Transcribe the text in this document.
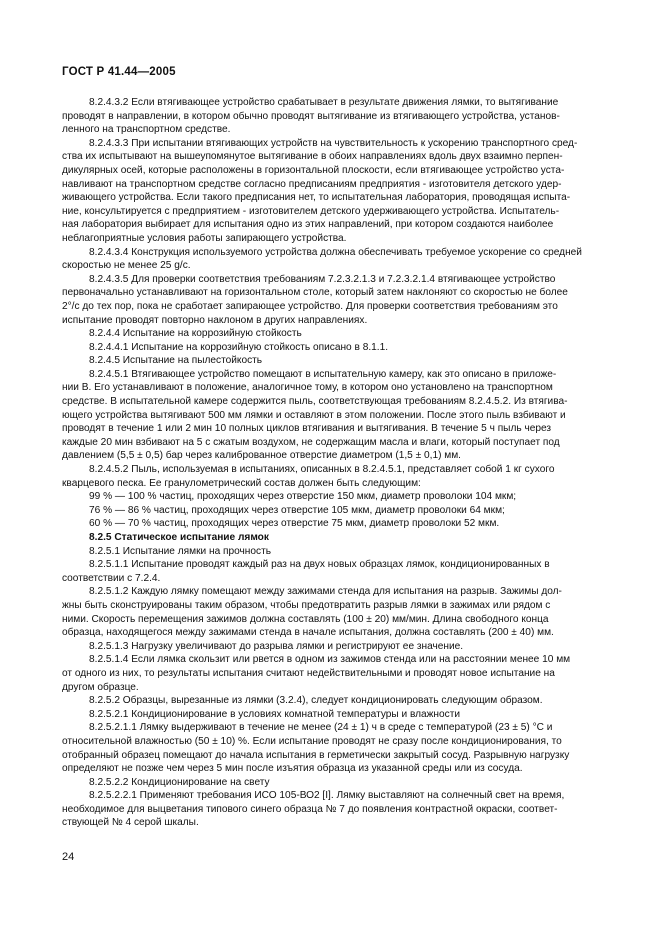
ГОСТ Р 41.44—2005

8.2.4.3.2 Если втягивающее устройство срабатывает в результате движения лямки, то вытягивание

проводят в направлении, в котором обычно проводят вытягивание из втягивающего устройства, установ-

ленного на транспортном средстве.

8.2.4.3.3 При испытании втягивающих устройств на чувствительность к ускорению транспортного сред-

ства их испытывают на вышеупомянутое вытягивание в обоих направлениях вдоль двух взаимно перпен-

дикулярных осей, которые расположены в горизонтальной плоскости, если втягивающее устройство уста-

навливают на транспортном средстве согласно предписаниям предприятия - изготовителя детского удер-

живающего устройства. Если такого предписания нет, то испытательная лаборатория, проводящая испыта-

ние, консультируется с предприятием - изготовителем детского удерживающего устройства. Испытатель-

ная лаборатория выбирает для испытания одно из этих направлений, при котором создаются наиболее

неблагоприятные условия работы запирающего устройства.

8.2.4.3.4 Конструкция используемого устройства должна обеспечивать требуемое ускорение со средней

скоростью не менее 25 g/с.

8.2.4.3.5 Для проверки соответствия требованиям 7.2.3.2.1.3 и 7.2.3.2.1.4 втягивающее устройство

первоначально устанавливают на горизонтальном столе, который затем наклоняют со скоростью не более

2°/с до тех пор, пока не сработает запирающее устройство. Для проверки соответствия требованиям это

испытание проводят повторно наклоном в других направлениях.

8.2.4.4 Испытание на коррозийную стойкость

8.2.4.4.1 Испытание на коррозийную стойкость описано в 8.1.1.

8.2.4.5 Испытание на пылестойкость

8.2.4.5.1 Втягивающее устройство помещают в испытательную камеру, как это описано в приложе-

нии В. Его устанавливают в положение, аналогичное тому, в котором оно установлено на транспортном

средстве. В испытательной камере содержится пыль, соответствующая требованиям 8.2.4.5.2. Из втягива-

ющего устройства вытягивают 500 мм лямки и оставляют в этом положении. После этого пыль взбивают и

проводят в течение 1 или 2 мин 10 полных циклов втягивания и вытягивания. В течение 5 ч пыль через

каждые 20 мин взбивают на 5 с сжатым воздухом, не содержащим масла и влаги, который поступает под

давлением (5,5 ± 0,5) бар через калиброванное отверстие диаметром (1,5 ± 0,1) мм.

8.2.4.5.2 Пыль, используемая в испытаниях, описанных в 8.2.4.5.1, представляет собой 1 кг сухого

кварцевого песка. Ее гранулометрический состав должен быть следующим:

99 % — 100 % частиц, проходящих через отверстие 150 мкм, диаметр проволоки 104 мкм;

76 % — 86 % частиц, проходящих через отверстие 105 мкм, диаметр проволоки 64 мкм;

60 % — 70 % частиц, проходящих через отверстие 75 мкм, диаметр проволоки 52 мкм.

8.2.5 Статическое испытание лямок

8.2.5.1 Испытание лямки на прочность

8.2.5.1.1 Испытание проводят каждый раз на двух новых образцах лямок, кондиционированных в

соответствии с 7.2.4.

8.2.5.1.2 Каждую лямку помещают между зажимами стенда для испытания на разрыв. Зажимы дол-

жны быть сконструированы таким образом, чтобы предотвратить разрыв лямки в зажимах или рядом с

ними. Скорость перемещения зажимов должна составлять (100 ± 20) мм/мин. Длина свободного конца

образца, находящегося между зажимами стенда в начале испытания, должна составлять (200 ± 40) мм.

8.2.5.1.3 Нагрузку увеличивают до разрыва лямки и регистрируют ее значение.

8.2.5.1.4 Если лямка скользит или рвется в одном из зажимов стенда или на расстоянии менее 10 мм

от одного из них, то результаты испытания считают недействительными и проводят новое испытание на

другом образце.

8.2.5.2 Образцы, вырезанные из лямки (3.2.4), следует кондиционировать следующим образом.

8.2.5.2.1 Кондиционирование в условиях комнатной температуры и влажности

8.2.5.2.1.1 Лямку выдерживают в течение не менее (24 ± 1) ч в среде с температурой (23 ± 5) °С и

относительной влажностью (50 ± 10) %. Если испытание проводят не сразу после кондиционирования, то

отобранный образец помещают до начала испытания в герметически закрытый сосуд. Разрывную нагрузку

определяют не позже чем через 5 мин после изъятия образца из указанной среды или из сосуда.

8.2.5.2.2 Кондиционирование на свету

8.2.5.2.2.1 Применяют требования ИСО 105-ВО2 [I]. Лямку выставляют на солнечный свет на время,

необходимое для выцветания типового синего образца № 7 до появления контрастной окраски, соответ-

ствующей № 4 серой шкалы.

24
